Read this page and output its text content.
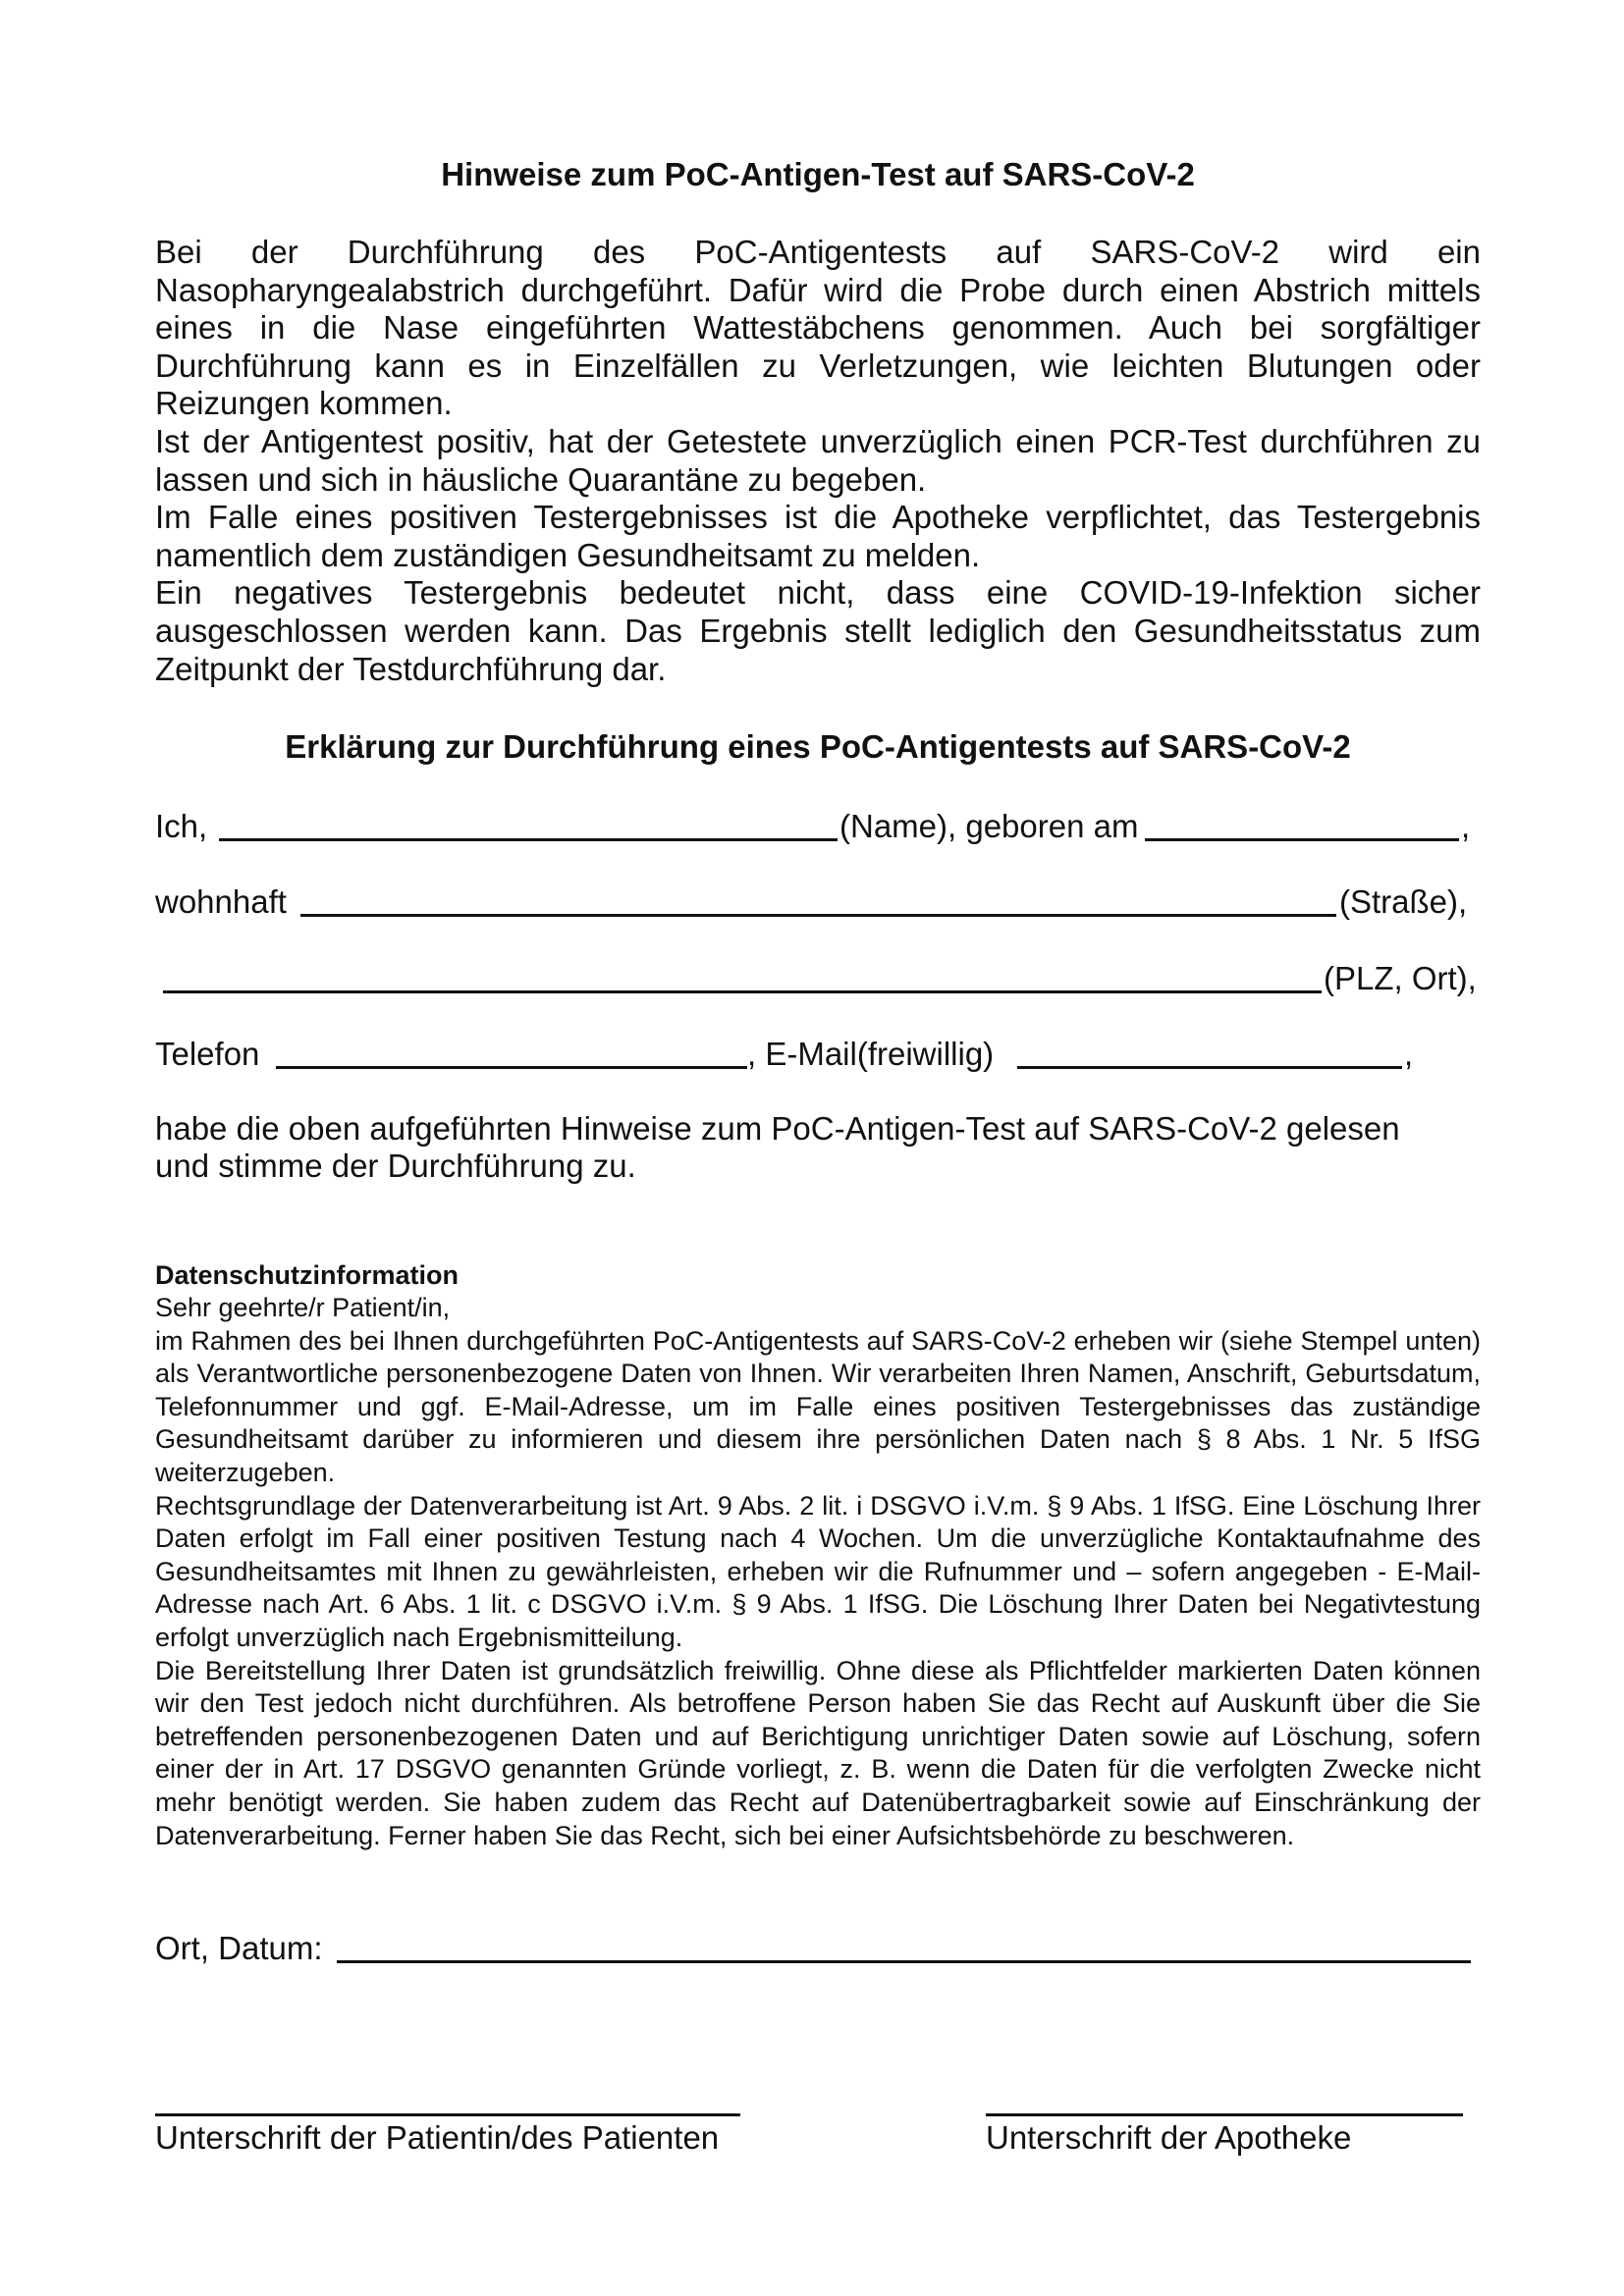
Hinweise zum PoC-Antigen-Test auf SARS-CoV-2

Bei der Durchführung des PoC-Antigentests auf SARS-CoV-2 wird ein Nasopharyngealabstrich durchgeführt. Dafür wird die Probe durch einen Abstrich mittels eines in die Nase eingeführten Wattestäbchens genommen. Auch bei sorgfältiger Durchführung kann es in Einzelfällen zu Verletzungen, wie leichten Blutungen oder Reizungen kommen.

Ist der Antigentest positiv, hat der Getestete unverzüglich einen PCR-Test durchführen zu lassen und sich in häusliche Quarantäne zu begeben.

Im Falle eines positiven Testergebnisses ist die Apotheke verpflichtet, das Testergebnis namentlich dem zuständigen Gesundheitsamt zu melden.

Ein negatives Testergebnis bedeutet nicht, dass eine COVID-19-Infektion sicher ausgeschlossen werden kann. Das Ergebnis stellt lediglich den Gesundheitsstatus zum Zeitpunkt der Testdurchführung dar.

Erklärung zur Durchführung eines PoC-Antigentests auf SARS-CoV-2
Ich,	(Name), geboren am	,
wohnhaft	(Straße),
(PLZ, Ort),
Telefon	, E-Mail(freiwillig)	,

habe die oben aufgeführten Hinweise zum PoC-Antigen-Test auf SARS-CoV-2 gelesen und stimme der Durchführung zu.

Datenschutzinformation

Sehr geehrte/r Patient/in,

im Rahmen des bei Ihnen durchgeführten PoC-Antigentests auf SARS-CoV-2 erheben wir (siehe Stempel unten) als Verantwortliche personenbezogene Daten von Ihnen. Wir verarbeiten Ihren Namen, Anschrift, Geburtsdatum, Telefonnummer und ggf. E-Mail-Adresse, um im Falle eines positiven Testergebnisses das zuständige Gesundheitsamt darüber zu informieren und diesem ihre persönlichen Daten nach § 8 Abs. 1 Nr. 5 IfSG weiterzugeben.

Rechtsgrundlage der Datenverarbeitung ist Art. 9 Abs. 2 lit. i DSGVO i.V.m. § 9 Abs. 1 IfSG. Eine Löschung Ihrer Daten erfolgt im Fall einer positiven Testung nach 4 Wochen. Um die unverzügliche Kontaktaufnahme des Gesundheitsamtes mit Ihnen zu gewährleisten, erheben wir die Rufnummer und – sofern angegeben - E-Mail-Adresse nach Art. 6 Abs. 1 lit. c DSGVO i.V.m. § 9 Abs. 1 IfSG. Die Löschung Ihrer Daten bei Negativtestung erfolgt unverzüglich nach Ergebnismitteilung.

Die Bereitstellung Ihrer Daten ist grundsätzlich freiwillig. Ohne diese als Pflichtfelder markierten Daten können wir den Test jedoch nicht durchführen. Als betroffene Person haben Sie das Recht auf Auskunft über die Sie betreffenden personenbezogenen Daten und auf Berichtigung unrichtiger Daten sowie auf Löschung, sofern einer der in Art. 17 DSGVO genannten Gründe vorliegt, z. B. wenn die Daten für die verfolgten Zwecke nicht mehr benötigt werden. Sie haben zudem das Recht auf Datenübertragbarkeit sowie auf Einschränkung der Datenverarbeitung. Ferner haben Sie das Recht, sich bei einer Aufsichtsbehörde zu beschweren.

Ort, Datum:
Unterschrift der Patientin/des Patienten	Unterschrift der Apotheke
